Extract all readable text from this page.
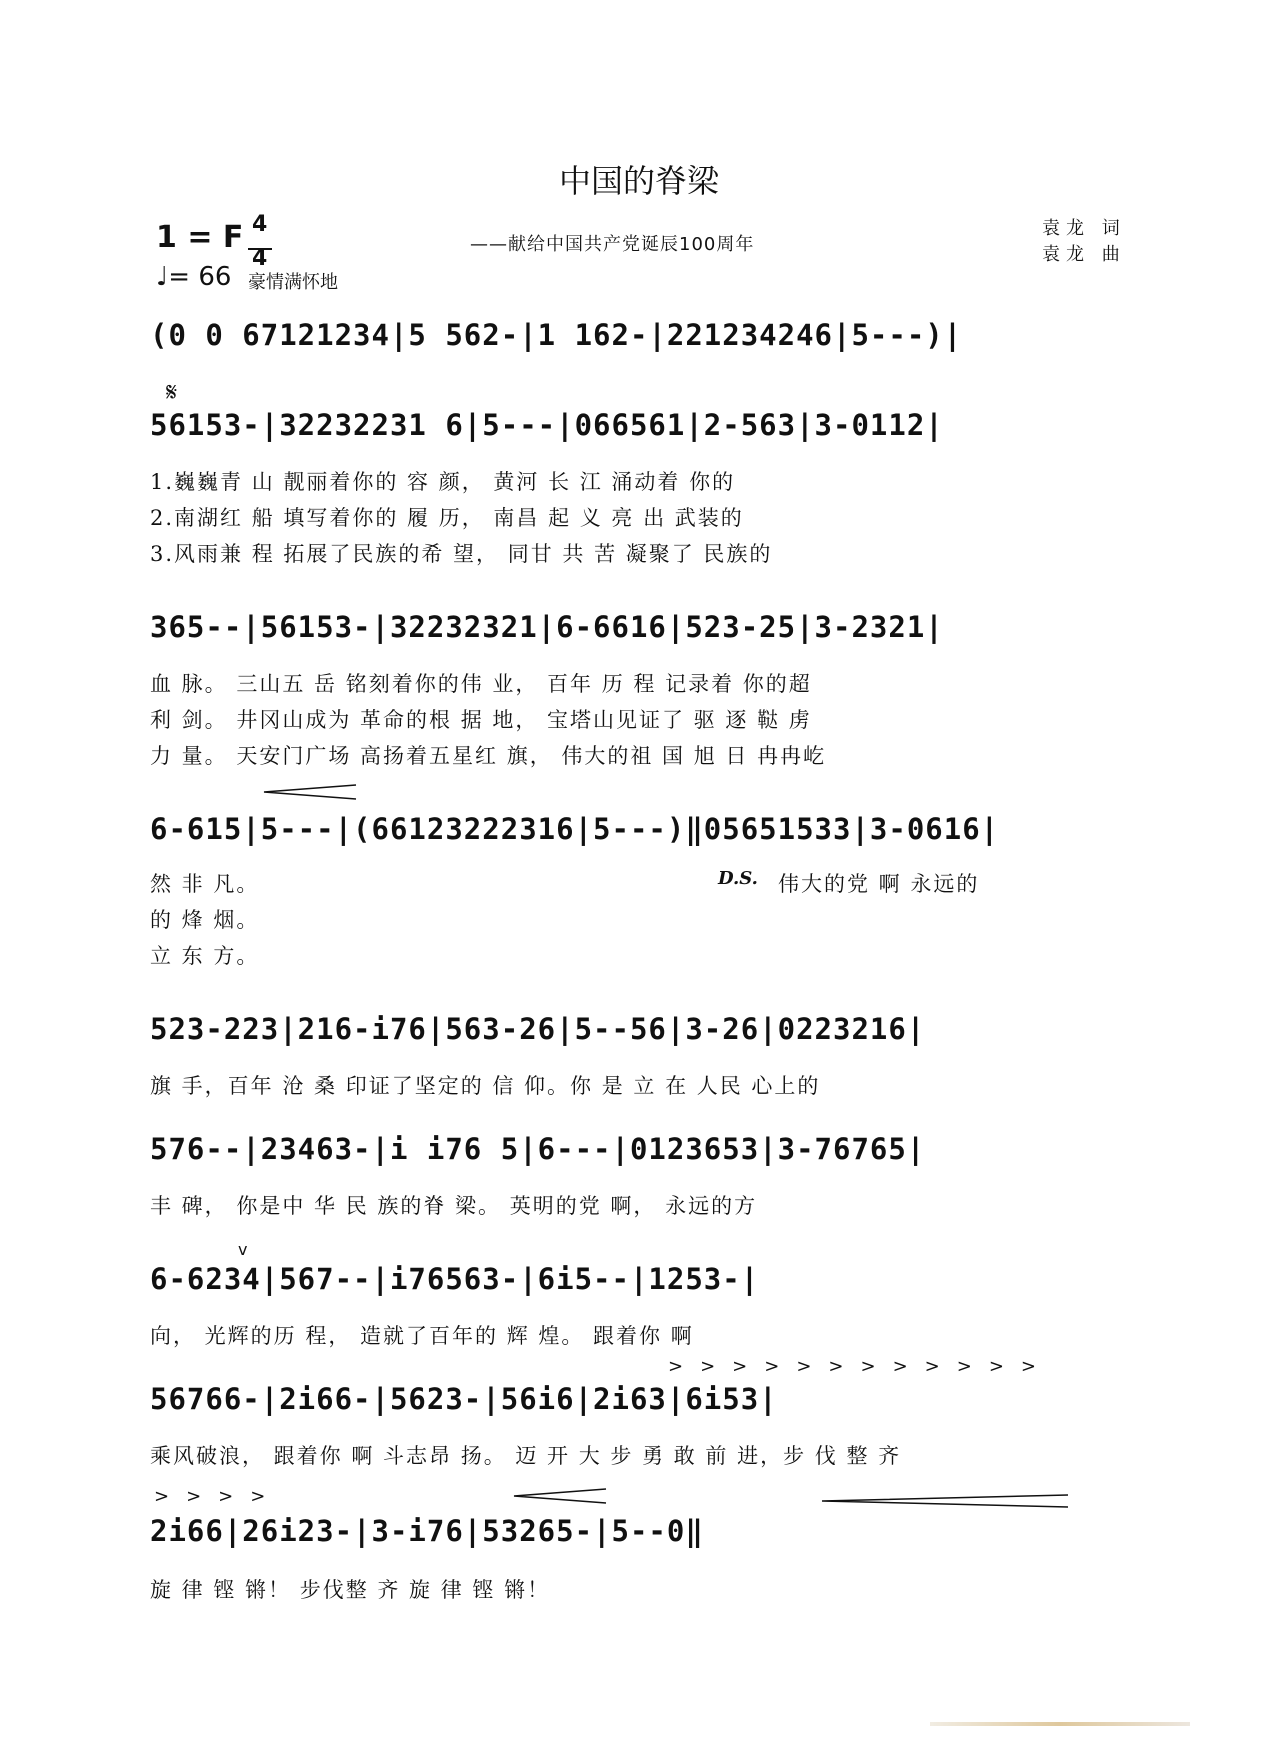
中国的脊梁
——献给中国共产党诞辰100周年
袁龙 词
袁龙 曲
1 = F 4
4
♩= 66 豪情满怀地
(0 0 67121234|5 562-|1 162-|221234246|5---)|
𝄋
56153-|32232231 6|5---|066561|2-563|3-0112|
1.巍巍青 山 靓丽着你的 容 颜， 黄河 长 江 涌动着 你的
2.南湖红 船 填写着你的 履 历， 南昌 起 义 亮 出 武装的
3.风雨兼 程 拓展了民族的希 望， 同甘 共 苦 凝聚了 民族的
365--|56153-|32232321|6-6616|523-25|3-2321|
血 脉。 三山五 岳 铭刻着你的伟 业， 百年 历 程 记录着 你的超
利 剑。 井冈山成为 革命的根 据 地， 宝塔山见证了 驱 逐 鞑 虏
力 量。 天安门广场 高扬着五星红 旗， 伟大的祖 国 旭 日 冉冉屹
6-615|5---|(66123222316|5---)‖05651533|3-0616|
D.S. 伟大的党 啊 永远的
然 非 凡。
的 烽 烟。
立 东 方。
523-223|216-i76|563-26|5--56|3-26|0223216|
旗 手，百年 沧 桑 印证了坚定的 信 仰。你 是 立 在 人民 心上的
576--|23463-|i i76 5|6---|0123653|3-76765|
丰 碑， 你是中 华 民 族的脊 梁。 英明的党 啊， 永远的方
v
6-6234|567--|i76563-|6i5--|1253-|
向， 光辉的历 程， 造就了百年的 辉 煌。 跟着你 啊
>>>>>>>>>>>>
56766-|2i66-|5623-|56i6|2i63|6i53|
乘风破浪， 跟着你 啊 斗志昂 扬。 迈 开 大 步 勇 敢 前 进，步 伐 整 齐
>>>>
2i66|26i23-|3-i76|53265-|5--0‖
旋 律 铿 锵！ 步伐整 齐 旋 律 铿 锵！
